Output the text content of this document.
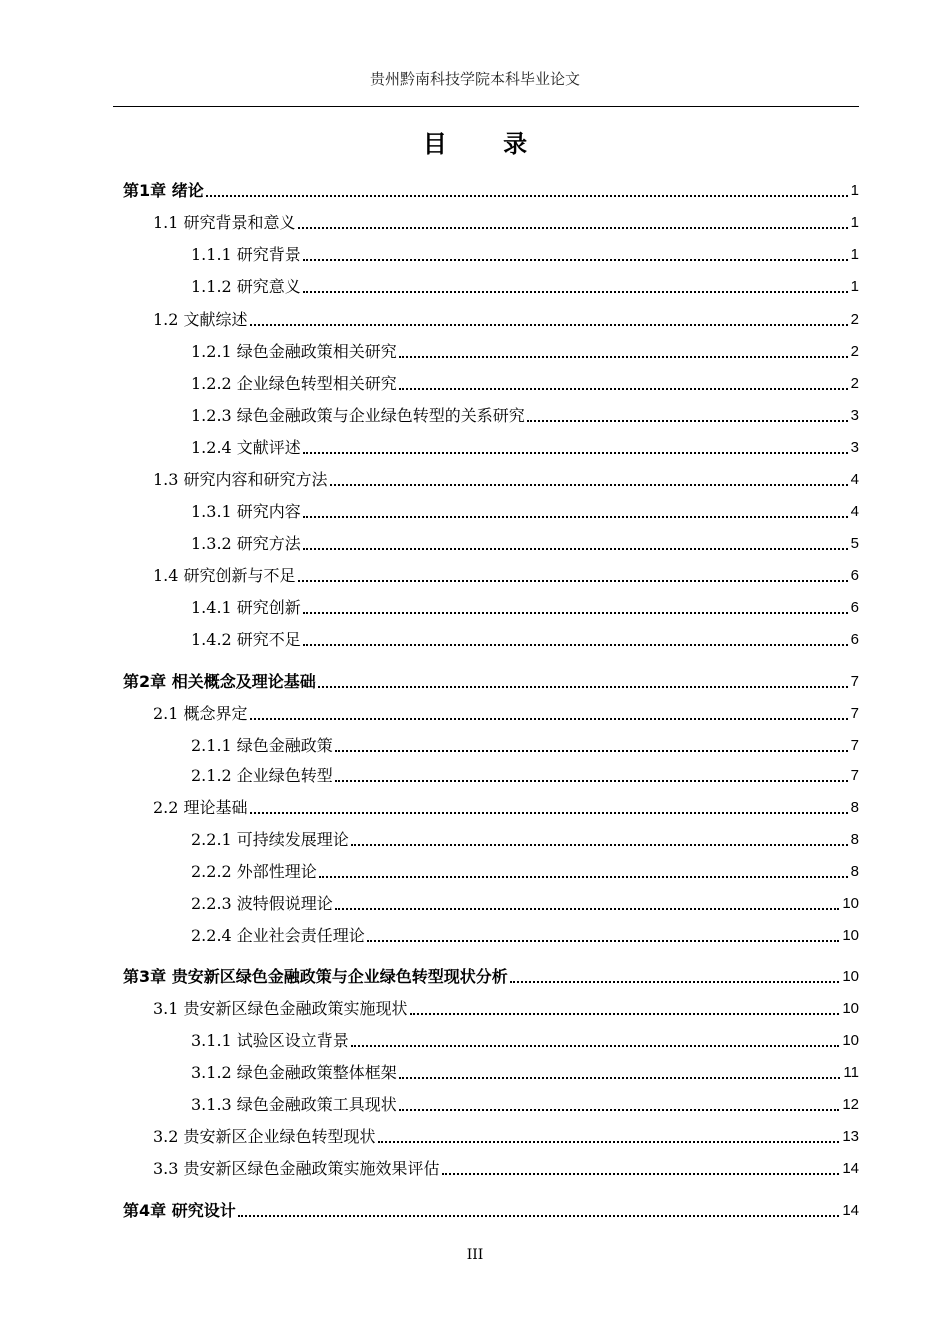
贵州黔南科技学院本科毕业论文
目 录
第1章 绪论	1
1.1 研究背景和意义	1
1.1.1 研究背景	1
1.1.2 研究意义	1
1.2 文献综述	2
1.2.1 绿色金融政策相关研究	2
1.2.2 企业绿色转型相关研究	2
1.2.3 绿色金融政策与企业绿色转型的关系研究	3
1.2.4 文献评述	3
1.3 研究内容和研究方法	4
1.3.1 研究内容	4
1.3.2 研究方法	5
1.4 研究创新与不足	6
1.4.1 研究创新	6
1.4.2 研究不足	6
第2章 相关概念及理论基础	7
2.1 概念界定	7
2.1.1 绿色金融政策	7
2.1.2 企业绿色转型	7
2.2 理论基础	8
2.2.1 可持续发展理论	8
2.2.2 外部性理论	8
2.2.3 波特假说理论	10
2.2.4 企业社会责任理论	10
第3章 贵安新区绿色金融政策与企业绿色转型现状分析	10
3.1 贵安新区绿色金融政策实施现状	10
3.1.1 试验区设立背景	10
3.1.2 绿色金融政策整体框架	11
3.1.3 绿色金融政策工具现状	12
3.2 贵安新区企业绿色转型现状	13
3.3 贵安新区绿色金融政策实施效果评估	14
第4章 研究设计	14
III
